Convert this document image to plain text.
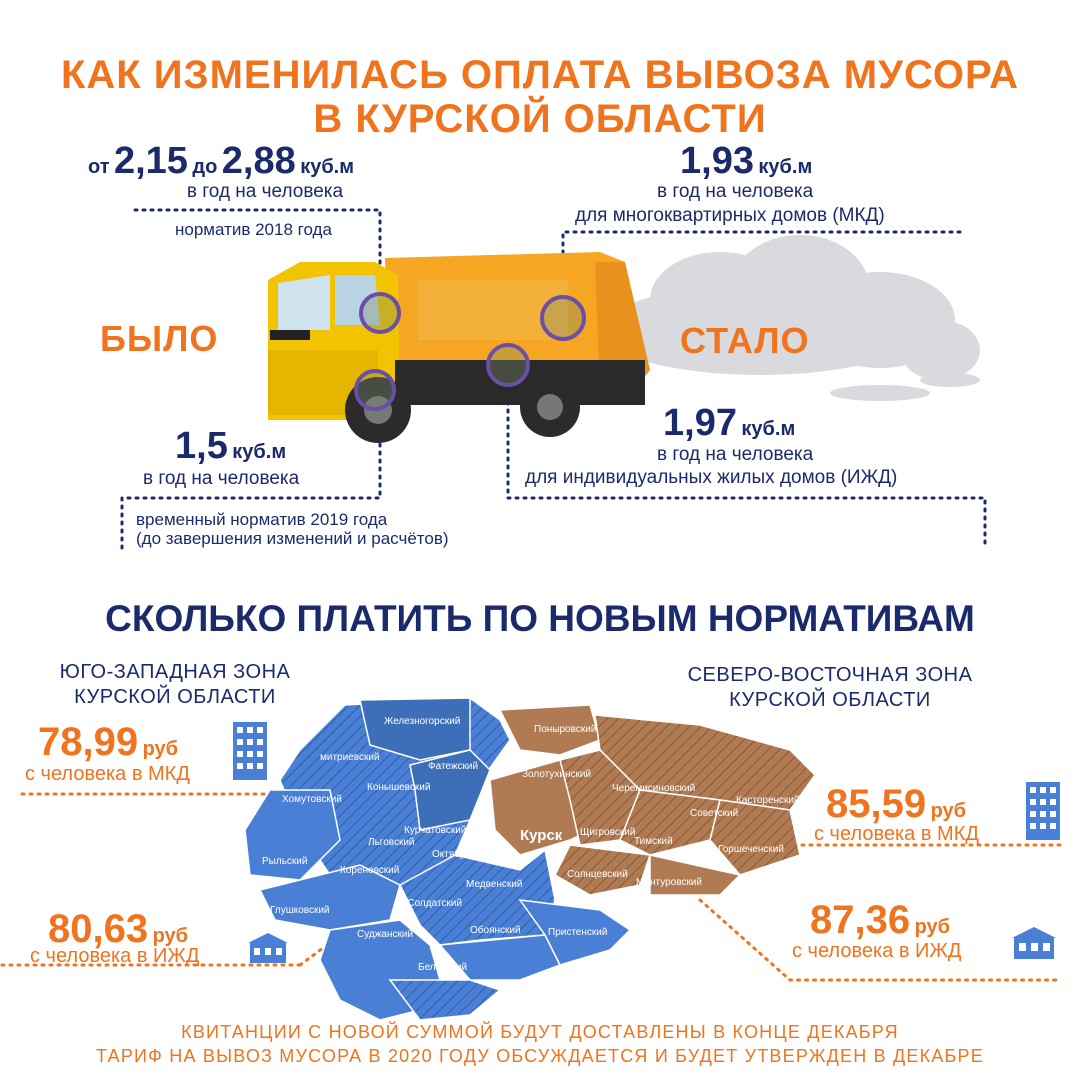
КАК ИЗМЕНИЛАСЬ ОПЛАТА ВЫВОЗА МУСОРА
В КУРСКОЙ ОБЛАСТИ
от 2,15 до 2,88 куб.м
в год на человека
норматив 2018 года
1,93 куб.м
в год на человека
для многоквартирных домов (МКД)
БЫЛО	СТАЛО
1,5 куб.м
в год на человека
временный норматив 2019 года
(до завершения изменений и расчётов)
1,97 куб.м
в год на человека
для индивидуальных жилых домов (ИЖД)
СКОЛЬКО ПЛАТИТЬ ПО НОВЫМ НОРМАТИВАМ
ЮГО-ЗАПАДНАЯ ЗОНА
КУРСКОЙ ОБЛАСТИ
СЕВЕРО-ВОСТОЧНАЯ ЗОНА
КУРСКОЙ ОБЛАСТИ
Железногорский
митриевский
Фатежский
Хомутовский
Конышевский
Курчатовский
Льговский
Октябрьский
Рыльский
Кореневский
Медвенский
Глушковский
Б.Солдатский
Суджанский	Обоянский	Пристенский
Беловский
Поныровский
Золотухинский
Черемисиновский
Щигровский
Касторенский
Советский
Курск	Тимский
Горшеченский
Солнцевский
Мантуровский
78,99 руб
с человека в МКД
80,63 руб
с человека в ИЖД
85,59 руб
с человека в МКД
87,36 руб
с человека в ИЖД
КВИТАНЦИИ С НОВОЙ СУММОЙ БУДУТ ДОСТАВЛЕНЫ В КОНЦЕ ДЕКАБРЯ
ТАРИФ НА ВЫВОЗ МУСОРА В 2020 ГОДУ ОБСУЖДАЕТСЯ И БУДЕТ УТВЕРЖДЕН В ДЕКАБРЕ
